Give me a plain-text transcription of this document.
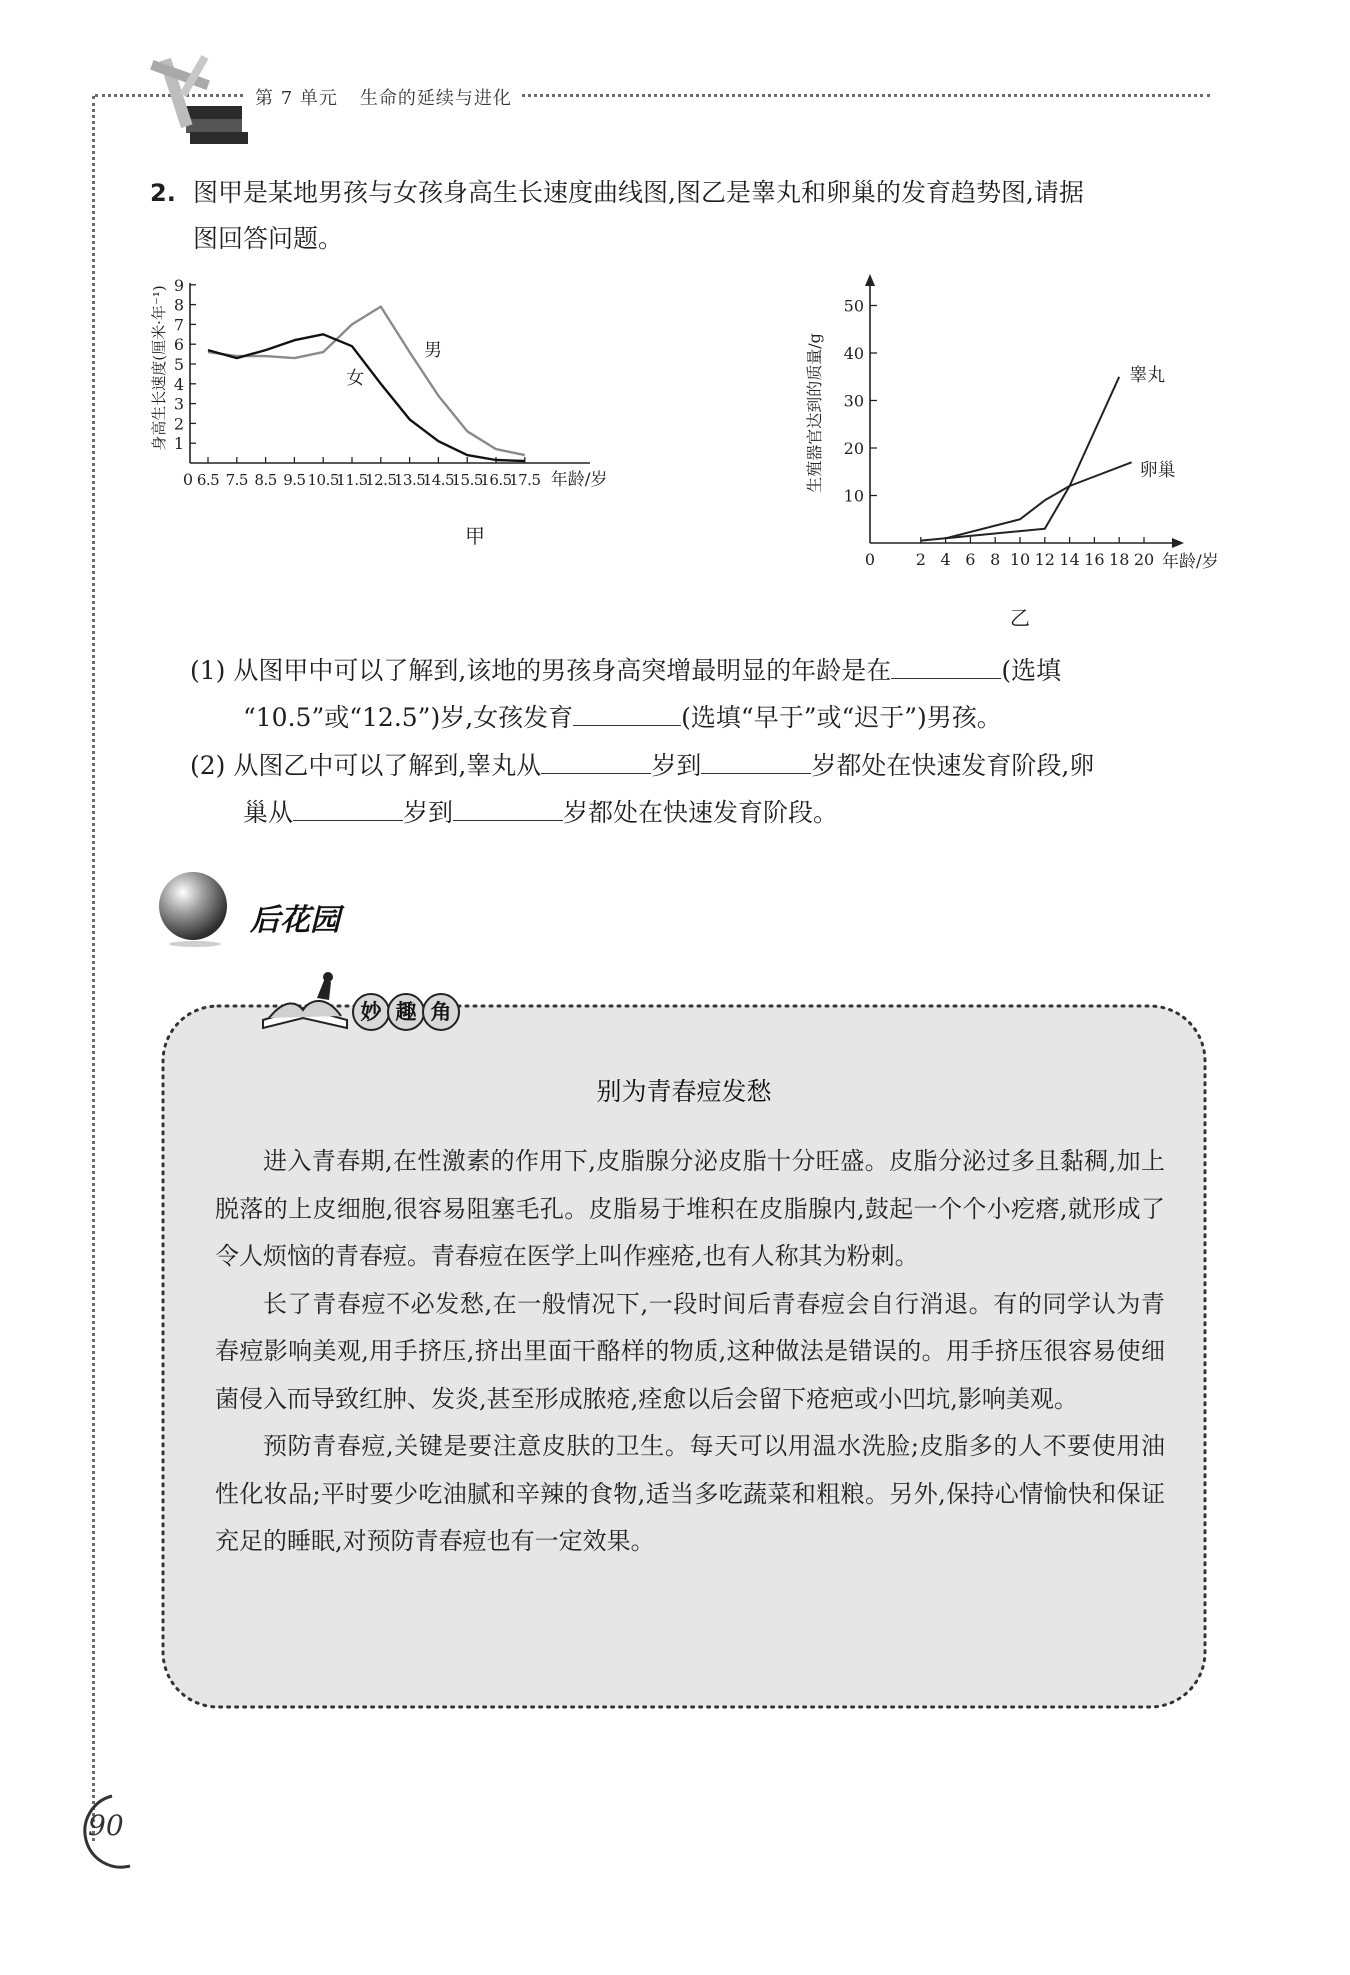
第 7 单元 生命的延续与进化
2. 图甲是某地男孩与女孩身高生长速度曲线图,图乙是睾丸和卵巢的发育趋势图,请据
图回答问题。
1
2
3
4
5
6
7
8
9
身高生长速度(厘米·年⁻¹)
0 6.5 7.5 8.5 9.5 10.5
11.5
12.5
13.5
14.5
15.5
16.5
17.5 年龄/岁
男
女
甲
10
20
30
40
50
生殖器官达到的质量/g
0	2 4 6 8 10 12 14 16 18 20 年龄/岁
睾丸
卵巢
乙
(1) 从图甲中可以了解到,该地的男孩身高突增最明显的年龄是在	(选填
“10.5”或“12.5”)岁,女孩发育	(选填“早于”或“迟于”)男孩。
(2) 从图乙中可以了解到,睾丸从	岁到	岁都处在快速发育阶段,卵
巢从	岁到	岁都处在快速发育阶段。
后花园
妙 趣 角
别为青春痘发愁

进入青春期,在性激素的作用下,皮脂腺分泌皮脂十分旺盛。皮脂分泌过多且黏稠,加上脱落的上皮细胞,很容易阻塞毛孔。皮脂易于堆积在皮脂腺内,鼓起一个个小疙瘩,就形成了令人烦恼的青春痘。青春痘在医学上叫作痤疮,也有人称其为粉刺。

长了青春痘不必发愁,在一般情况下,一段时间后青春痘会自行消退。有的同学认为青春痘影响美观,用手挤压,挤出里面干酪样的物质,这种做法是错误的。用手挤压很容易使细菌侵入而导致红肿、发炎,甚至形成脓疮,痊愈以后会留下疮疤或小凹坑,影响美观。

预防青春痘,关键是要注意皮肤的卫生。每天可以用温水洗脸;皮脂多的人不要使用油性化妆品;平时要少吃油腻和辛辣的食物,适当多吃蔬菜和粗粮。另外,保持心情愉快和保证充足的睡眠,对预防青春痘也有一定效果。

90
